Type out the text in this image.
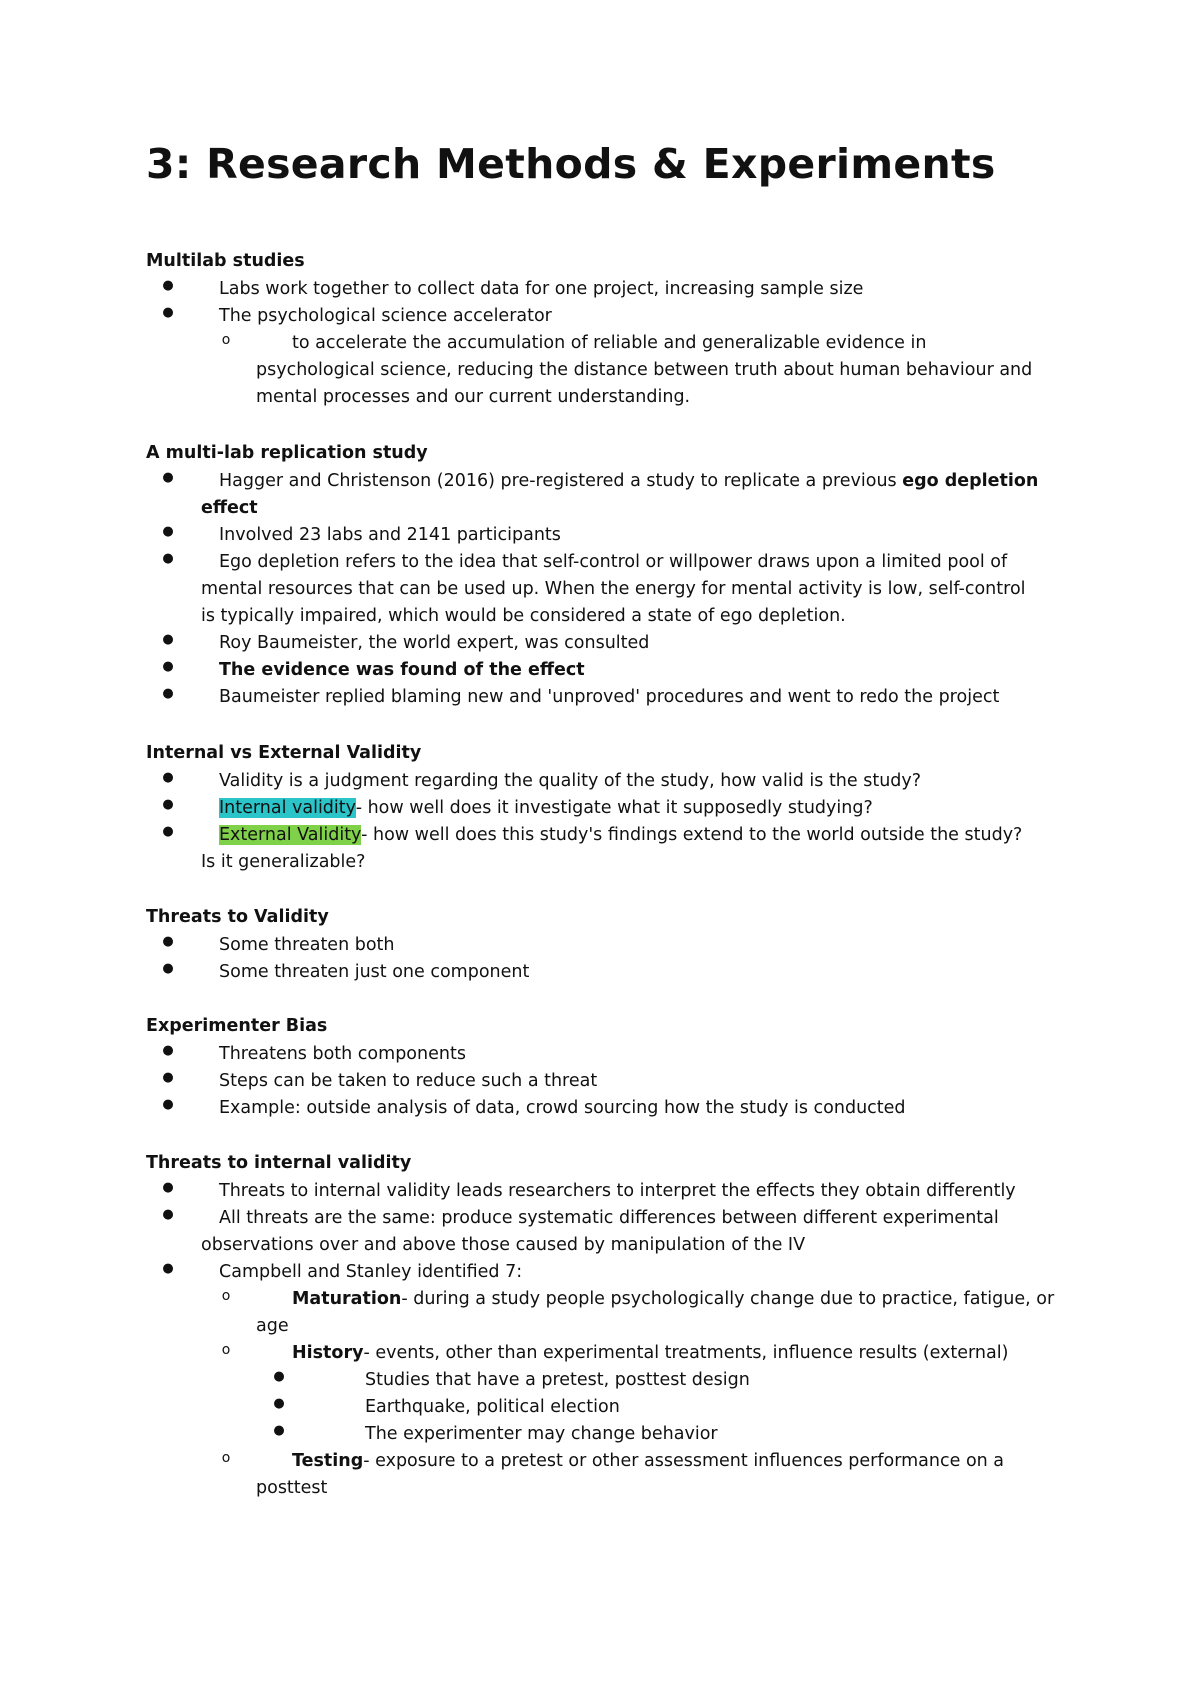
3: Research Methods & Experiments
Multilab studies
●	Labs work together to collect data for one project, increasing sample size
●	The psychological science accelerator
o	to accelerate the accumulation of reliable and generalizable evidence in
psychological science, reducing the distance between truth about human behaviour and
mental processes and our current understanding.
A multi-lab replication study
●	Hagger and Christenson (2016) pre-registered a study to replicate a previous ego depletion
effect
●	Involved 23 labs and 2141 participants
●	Ego depletion refers to the idea that self-control or willpower draws upon a limited pool of
mental resources that can be used up. When the energy for mental activity is low, self-control
is typically impaired, which would be considered a state of ego depletion.
●	Roy Baumeister, the world expert, was consulted
●	The evidence was found of the effect
●	Baumeister replied blaming new and 'unproved' procedures and went to redo the project
Internal vs External Validity
●	Validity is a judgment regarding the quality of the study, how valid is the study?
●	Internal validity- how well does it investigate what it supposedly studying?
●	External Validity- how well does this study's findings extend to the world outside the study?
Is it generalizable?
Threats to Validity
●	Some threaten both
●	Some threaten just one component
Experimenter Bias
●	Threatens both components
●	Steps can be taken to reduce such a threat
●	Example: outside analysis of data, crowd sourcing how the study is conducted
Threats to internal validity
●	Threats to internal validity leads researchers to interpret the effects they obtain differently
●	All threats are the same: produce systematic differences between different experimental
observations over and above those caused by manipulation of the IV
●	Campbell and Stanley identified 7:
o	Maturation- during a study people psychologically change due to practice, fatigue, or
age
o	History- events, other than experimental treatments, influence results (external)
●	Studies that have a pretest, posttest design
●	Earthquake, political election
●	The experimenter may change behavior
o	Testing- exposure to a pretest or other assessment influences performance on a
posttest
